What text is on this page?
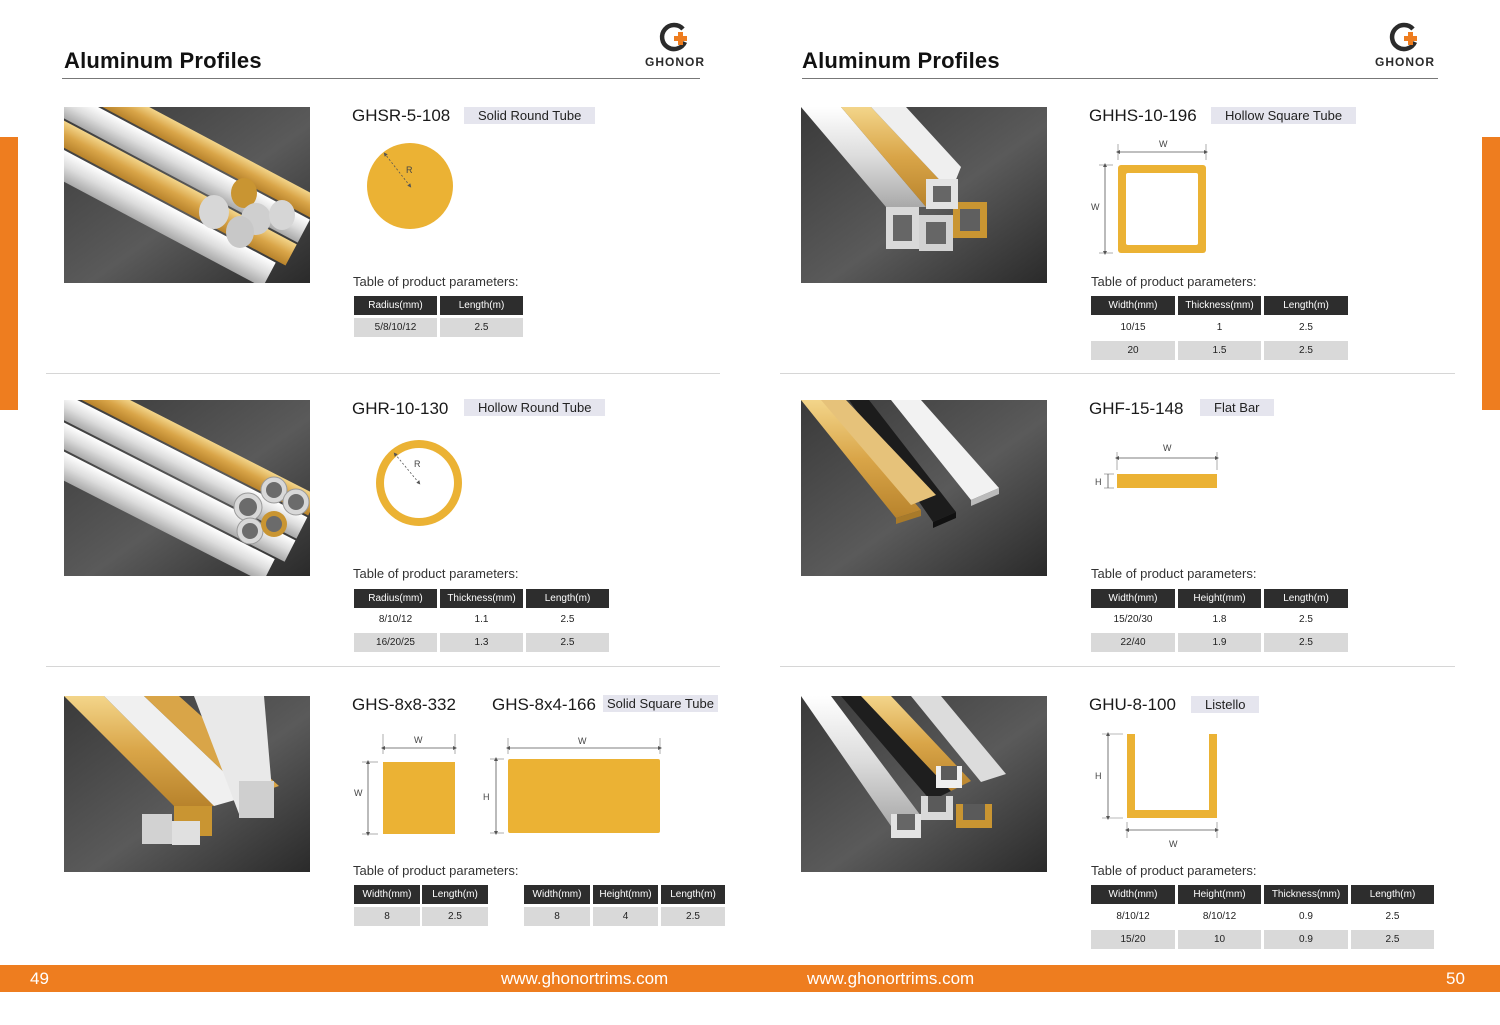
Aluminum Profiles	GHONOR
GHSR-5-108	Solid Round Tube
R
Table of product parameters:
Radius(mm)	Length(m)
5/8/10/12	2.5
GHR-10-130	Hollow Round Tube
R
Table of product parameters:
Radius(mm)	Thickness(mm)	Length(m)
8/10/12	1.1	2.5
16/20/25	1.3	2.5
GHS-8x8-332 GHS-8x4-166 Solid Square Tube
W
W
W
H
Table of product parameters:
Width(mm)	Length(m)
8	2.5
Width(mm)	Height(mm)	Length(m)
8	4	2.5
Aluminum Profiles	GHONOR
GHHS-10-196	Hollow Square Tube
W
W
Table of product parameters:
Width(mm)	Thickness(mm)	Length(m)
10/15	1	2.5
20	1.5	2.5
GHF-15-148	Flat Bar
W
H
Table of product parameters:
Width(mm)	Height(mm)	Length(m)
15/20/30	1.8	2.5
22/40	1.9	2.5
GHU-8-100	Listello
H
W
Table of product parameters:
Width(mm)	Height(mm)	Thickness(mm)	Length(m)
8/10/12	8/10/12	0.9	2.5
15/20	10	0.9	2.5
49	www.ghonortrims.com	www.ghonortrims.com	50
